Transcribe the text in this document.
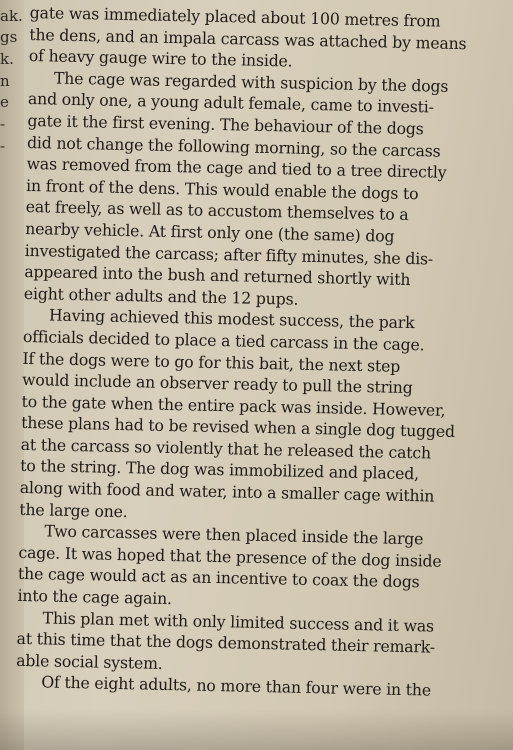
ak.
gs
k.
n
e
-
-
gate was immediately placed about 100 metres from
the dens, and an impala carcass was attached by means
of heavy gauge wire to the inside.
The cage was regarded with suspicion by the dogs
and only one, a young adult female, came to investi-
gate it the first evening. The behaviour of the dogs
did not change the following morning, so the carcass
was removed from the cage and tied to a tree directly
in front of the dens. This would enable the dogs to
eat freely, as well as to accustom themselves to a
nearby vehicle. At first only one (the same) dog
investigated the carcass; after fifty minutes, she dis-
appeared into the bush and returned shortly with
eight other adults and the 12 pups.
Having achieved this modest success, the park
officials decided to place a tied carcass in the cage.
If the dogs were to go for this bait, the next step
would include an observer ready to pull the string
to the gate when the entire pack was inside. However,
these plans had to be revised when a single dog tugged
at the carcass so violently that he released the catch
to the string. The dog was immobilized and placed,
along with food and water, into a smaller cage within
the large one.
Two carcasses were then placed inside the large
cage. It was hoped that the presence of the dog inside
the cage would act as an incentive to coax the dogs
into the cage again.
This plan met with only limited success and it was
at this time that the dogs demonstrated their remark-
able social system.
Of the eight adults, no more than four were in the
